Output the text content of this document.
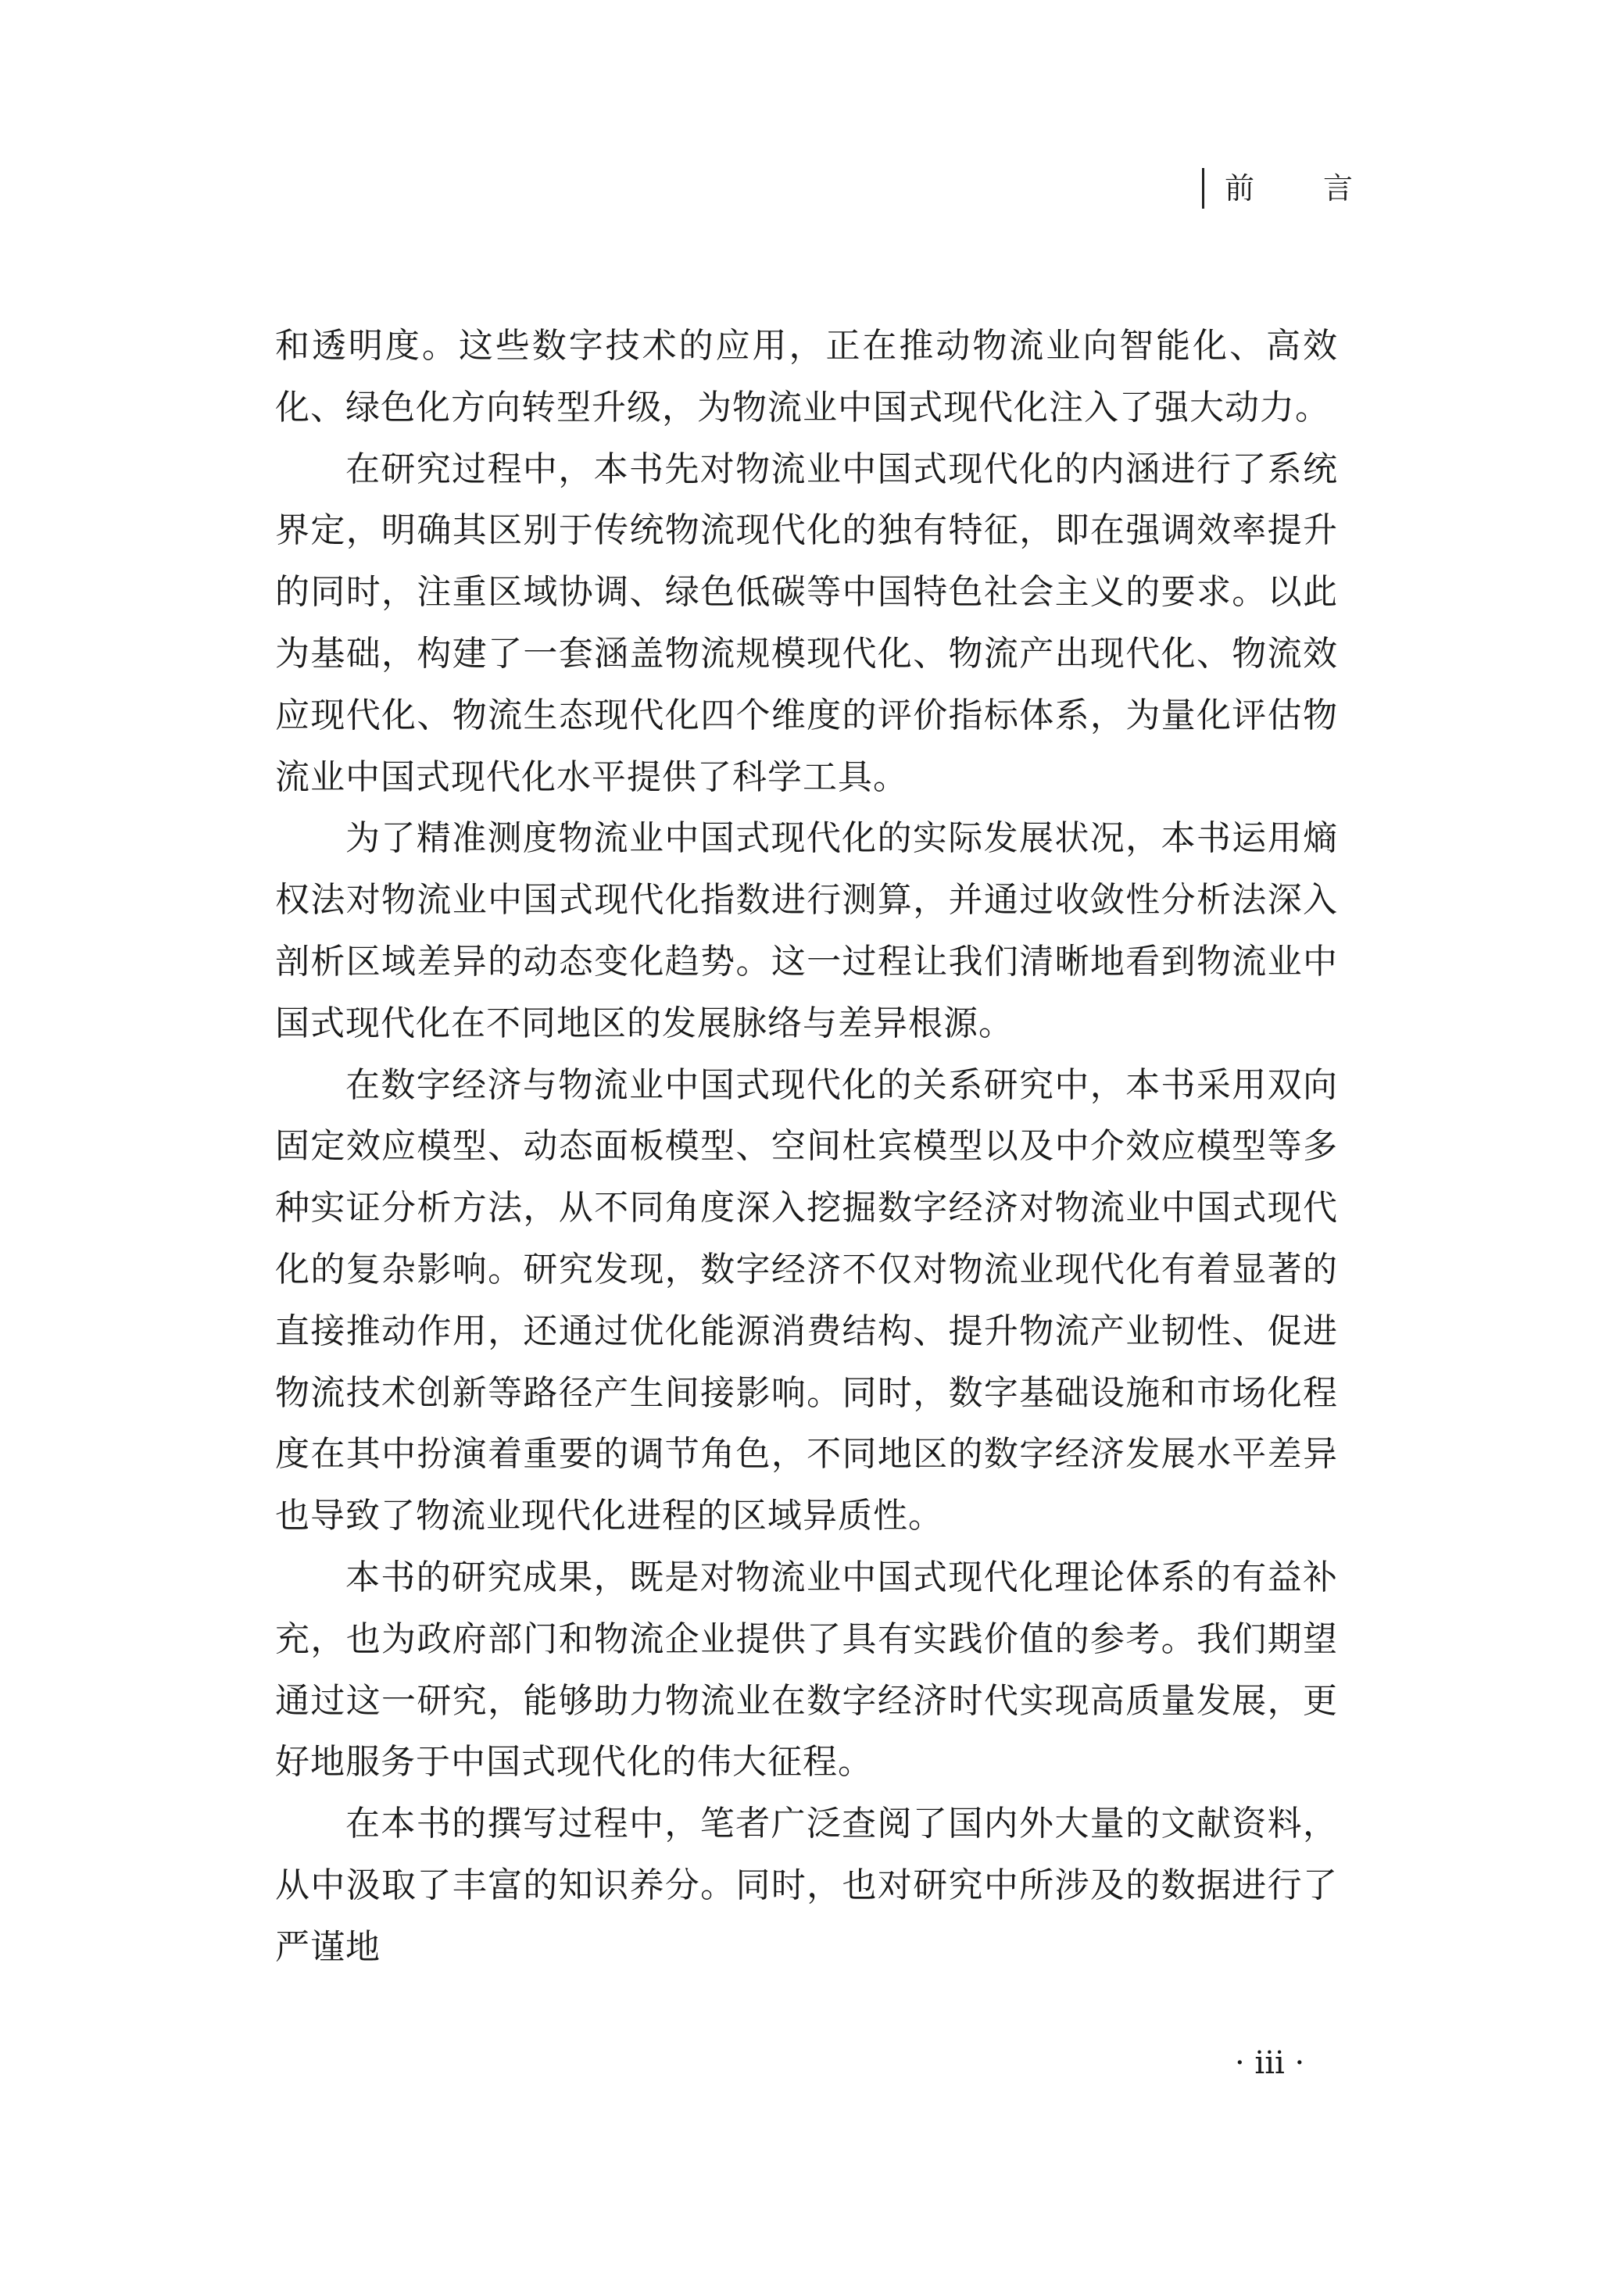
前言

和透明度。这些数字技术的应用，正在推动物流业向智能化、高效化、绿色化方向转型升级，为物流业中国式现代化注入了强大动力。

在研究过程中，本书先对物流业中国式现代化的内涵进行了系统界定，明确其区别于传统物流现代化的独有特征，即在强调效率提升的同时，注重区域协调、绿色低碳等中国特色社会主义的要求。以此为基础，构建了一套涵盖物流规模现代化、物流产出现代化、物流效应现代化、物流生态现代化四个维度的评价指标体系，为量化评估物流业中国式现代化水平提供了科学工具。

为了精准测度物流业中国式现代化的实际发展状况，本书运用熵权法对物流业中国式现代化指数进行测算，并通过收敛性分析法深入剖析区域差异的动态变化趋势。这一过程让我们清晰地看到物流业中国式现代化在不同地区的发展脉络与差异根源。

在数字经济与物流业中国式现代化的关系研究中，本书采用双向固定效应模型、动态面板模型、空间杜宾模型以及中介效应模型等多种实证分析方法，从不同角度深入挖掘数字经济对物流业中国式现代化的复杂影响。研究发现，数字经济不仅对物流业现代化有着显著的直接推动作用，还通过优化能源消费结构、提升物流产业韧性、促进物流技术创新等路径产生间接影响。同时，数字基础设施和市场化程度在其中扮演着重要的调节角色，不同地区的数字经济发展水平差异也导致了物流业现代化进程的区域异质性。

本书的研究成果，既是对物流业中国式现代化理论体系的有益补充，也为政府部门和物流企业提供了具有实践价值的参考。我们期望通过这一研究，能够助力物流业在数字经济时代实现高质量发展，更好地服务于中国式现代化的伟大征程。

在本书的撰写过程中，笔者广泛查阅了国内外大量的文献资料，从中汲取了丰富的知识养分。同时，也对研究中所涉及的数据进行了严谨地

· iii ·
